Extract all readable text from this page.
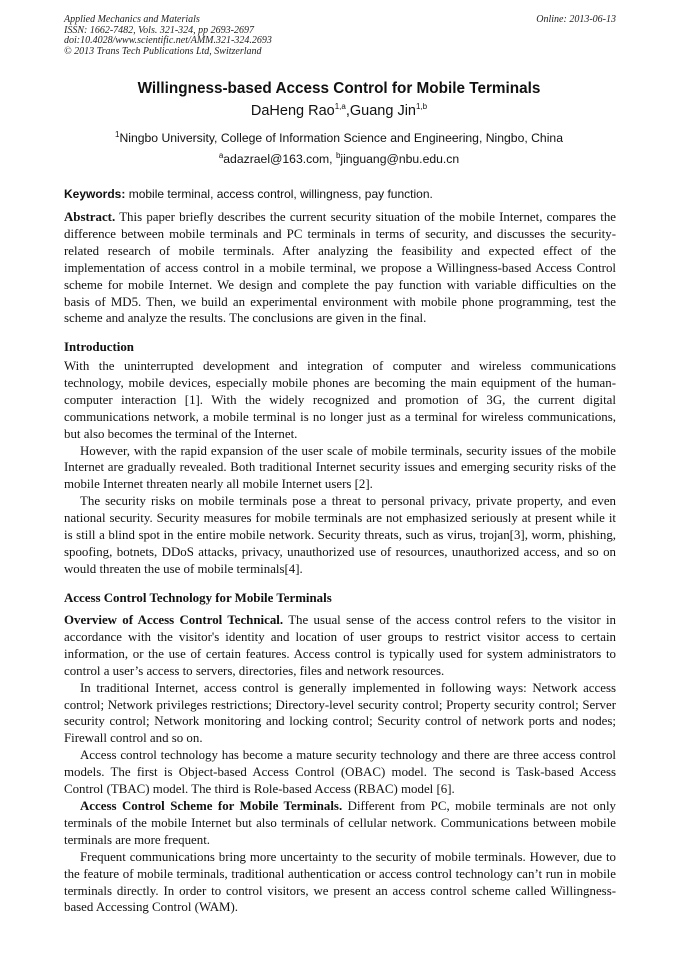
Applied Mechanics and Materials
ISSN: 1662-7482, Vols. 321-324, pp 2693-2697
doi:10.4028/www.scientific.net/AMM.321-324.2693
© 2013 Trans Tech Publications Ltd, Switzerland
Online: 2013-06-13
Willingness-based Access Control for Mobile Terminals
DaHeng Rao$^{1,a}$,Guang Jin$^{1,b}$
$^1$Ningbo University, College of Information Science and Engineering, Ningbo, China
$^a$adazrael@163.com, $^b$jinguang@nbu.edu.cn
Keywords: mobile terminal, access control, willingness, pay function.

Abstract. This paper briefly describes the current security situation of the mobile Internet, compares the difference between mobile terminals and PC terminals in terms of security, and discusses the security-related research of mobile terminals. After analyzing the feasibility and expected effect of the implementation of access control in a mobile terminal, we propose a Willingness-based Access Control scheme for mobile Internet. We design and complete the pay function with variable difficulties on the basis of MD5. Then, we build an experimental environment with mobile phone programming, test the scheme and analyze the results. The conclusions are given in the final.

Introduction

With the uninterrupted development and integration of computer and wireless communications technology, mobile devices, especially mobile phones are becoming the main equipment of the human-computer interaction [1]. With the widely recognized and promotion of 3G, the current digital communications network, a mobile terminal is no longer just as a terminal for wireless communications, but also becomes the terminal of the Internet.

However, with the rapid expansion of the user scale of mobile terminals, security issues of the mobile Internet are gradually revealed. Both traditional Internet security issues and emerging security risks of the mobile Internet threaten nearly all mobile Internet users [2].

The security risks on mobile terminals pose a threat to personal privacy, private property, and even national security. Security measures for mobile terminals are not emphasized seriously at present while it is still a blind spot in the entire mobile network. Security threats, such as virus, trojan[3], worm, phishing, spoofing, botnets, DDoS attacks, privacy, unauthorized use of resources, unauthorized access, and so on would threaten the use of mobile terminals[4].

Access Control Technology for Mobile Terminals

Overview of Access Control Technical. The usual sense of the access control refers to the visitor in accordance with the visitor's identity and location of user groups to restrict visitor access to certain information, or the use of certain features. Access control is typically used for system administrators to control a user’s access to servers, directories, files and network resources.

In traditional Internet, access control is generally implemented in following ways: Network access control; Network privileges restrictions; Directory-level security control; Property security control; Server security control; Network monitoring and locking control; Security control of network ports and nodes; Firewall control and so on.

Access control technology has become a mature security technology and there are three access control models. The first is Object-based Access Control (OBAC) model. The second is Task-based Access Control (TBAC) model. The third is Role-based Access (RBAC) model [6].

Access Control Scheme for Mobile Terminals. Different from PC, mobile terminals are not only terminals of the mobile Internet but also terminals of cellular network. Communications between mobile terminals are more frequent.

Frequent communications bring more uncertainty to the security of mobile terminals. However, due to the feature of mobile terminals, traditional authentication or access control technology can’t run in mobile terminals directly. In order to control visitors, we present an access control scheme called Willingness-based Accessing Control (WAM).
